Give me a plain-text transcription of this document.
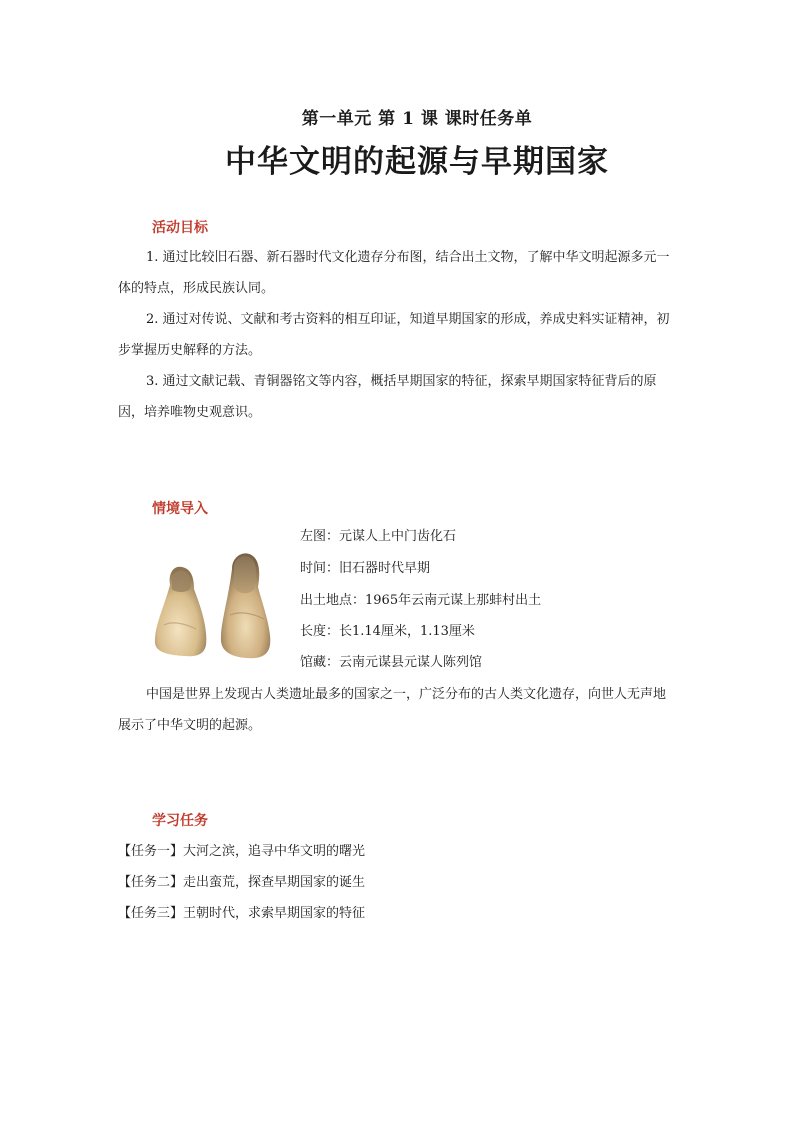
第一单元 第 1 课 课时任务单
中华文明的起源与早期国家
活动目标

1. 通过比较旧石器、新石器时代文化遗存分布图，结合出土文物，了解中华文明起源多元一体的特点，形成民族认同。

2. 通过对传说、文献和考古资料的相互印证，知道早期国家的形成，养成史料实证精神，初步掌握历史解释的方法。

3. 通过文献记载、青铜器铭文等内容，概括早期国家的特征，探索早期国家特征背后的原因，培养唯物史观意识。

情境导入
左图：元谋人上中门齿化石
时间：旧石器时代早期
出土地点：1965年云南元谋上那蚌村出土
长度：长1.14厘米，1.13厘米
馆藏：云南元谋县元谋人陈列馆

中国是世界上发现古人类遗址最多的国家之一，广泛分布的古人类文化遗存，向世人无声地展示了中华文明的起源。

学习任务
【任务一】大河之滨，追寻中华文明的曙光
【任务二】走出蛮荒，探查早期国家的诞生
【任务三】王朝时代，求索早期国家的特征
